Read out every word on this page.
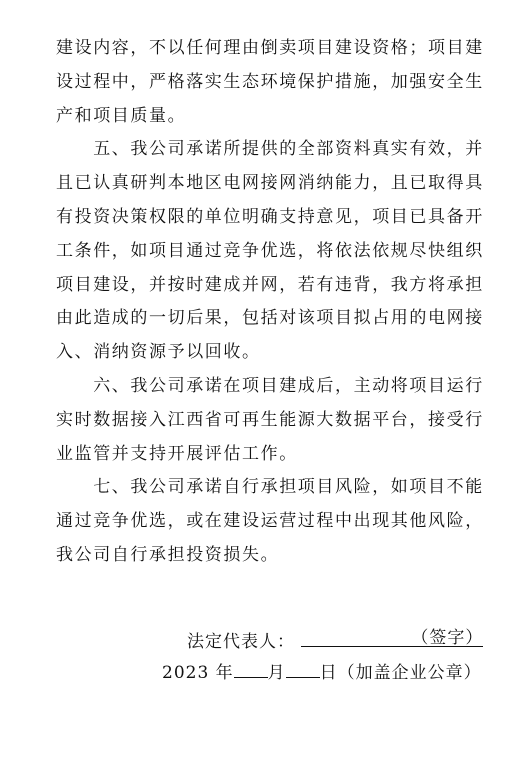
建设内容，不以任何理由倒卖项目建设资格；项目建
设过程中，严格落实生态环境保护措施，加强安全生
产和项目质量。

　　五、我公司承诺所提供的全部资料真实有效，并
且已认真研判本地区电网接网消纳能力，且已取得具
有投资决策权限的单位明确支持意见，项目已具备开
工条件，如项目通过竞争优选，将依法依规尽快组织
项目建设，并按时建成并网，若有违背，我方将承担
由此造成的一切后果，包括对该项目拟占用的电网接
入、消纳资源予以回收。

　　六、我公司承诺在项目建成后，主动将项目运行
实时数据接入江西省可再生能源大数据平台，接受行
业监管并支持开展评估工作。

　　七、我公司承诺自行承担项目风险，如项目不能
通过竞争优选，或在建设运营过程中出现其他风险，
我公司自行承担投资损失。

法定代表人：	（签字）
2023 年 月 日（加盖企业公章）
